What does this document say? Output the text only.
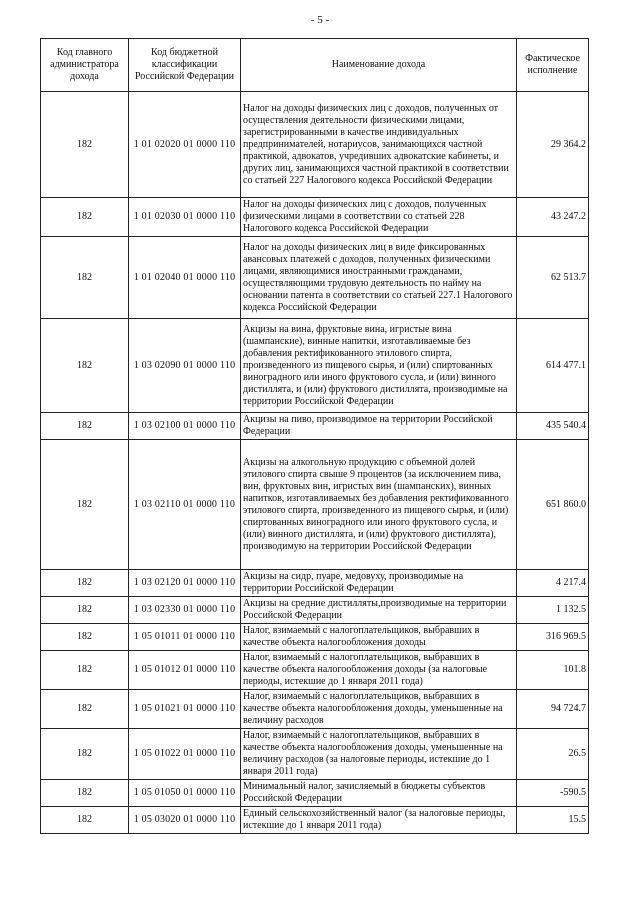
- 5 -
Код главного администратора дохода	Код бюджетной классификации Российской Федерации	Наименование дохода	Фактическое исполнение
182	1 01 02020 01 0000 110	Налог на доходы физических лиц с доходов, полученных от осуществления деятельности физическими лицами, зарегистрированными в качестве индивидуальных предпринимателей, нотариусов, занимающихся частной практикой, адвокатов, учредивших адвокатские кабинеты, и других лиц, занимающихся частной практикой в соответствии со статьей 227 Налогового кодекса Российской Федерации	29 364.2
182	1 01 02030 01 0000 110	Налог на доходы физических лиц с доходов, полученных физическими лицами в соответствии со статьей 228 Налогового кодекса Российской Федерации	43 247.2
182	1 01 02040 01 0000 110	Налог на доходы физических лиц в виде фиксированных авансовых платежей с доходов, полученных физическими лицами, являющимися иностранными гражданами, осуществляющими трудовую деятельность по найму на основании патента в соответствии со статьей 227.1 Налогового кодекса Российской Федерации	62 513.7
182	1 03 02090 01 0000 110	Акцизы на вина, фруктовые вина, игристые вина (шампанские), винные напитки, изготавливаемые без добавления ректификованного этилового спирта, произведенного из пищевого сырья, и (или) спиртованных виноградного или иного фруктового сусла, и (или) винного дистиллята, и (или) фруктового дистиллята, производимые на территории Российской Федерации	614 477.1
182	1 03 02100 01 0000 110	Акцизы на пиво, производимое на территории Российской Федерации	435 540.4
182	1 03 02110 01 0000 110	Акцизы на алкогольную продукцию с объемной долей этилового спирта свыше 9 процентов (за исключением пива, вин, фруктовых вин, игристых вин (шампанских), винных напитков, изготавливаемых без добавления ректификованного этилового спирта, произведенного из пищевого сырья, и (или) спиртованных виноградного или иного фруктового сусла, и (или) винного дистиллята, и (или) фруктового дистиллята), производимую на территории Российской Федерации	651 860.0
182	1 03 02120 01 0000 110	Акцизы на сидр, пуаре, медовуху, производимые на территории Российской Федерации	4 217.4
182	1 03 02330 01 0000 110	Акцизы на средние дистилляты,производимые на территории Российской Федерации	1 132.5
182	1 05 01011 01 0000 110	Налог, взимаемый с налогоплательщиков, выбравших в качестве объекта налогообложения доходы	316 969.5
182	1 05 01012 01 0000 110	Налог, взимаемый с налогоплательщиков, выбравших в качестве объекта налогообложения доходы (за налоговые периоды, истекшие до 1 января 2011 года)	101.8
182	1 05 01021 01 0000 110	Налог, взимаемый с налогоплательщиков, выбравших в качестве объекта налогообложения доходы, уменьшенные на величину расходов	94 724.7
182	1 05 01022 01 0000 110	Налог, взимаемый с налогоплательщиков, выбравших в качестве объекта налогообложения доходы, уменьшенные на величину расходов (за налоговые периоды, истекшие до 1 января 2011 года)	26.5
182	1 05 01050 01 0000 110	Минимальный налог, зачисляемый в бюджеты субъектов Российской Федерации	-590.5
182	1 05 03020 01 0000 110	Единый сельскохозяйственный налог (за налоговые периоды, истекшие до 1 января 2011 года)	15.5
